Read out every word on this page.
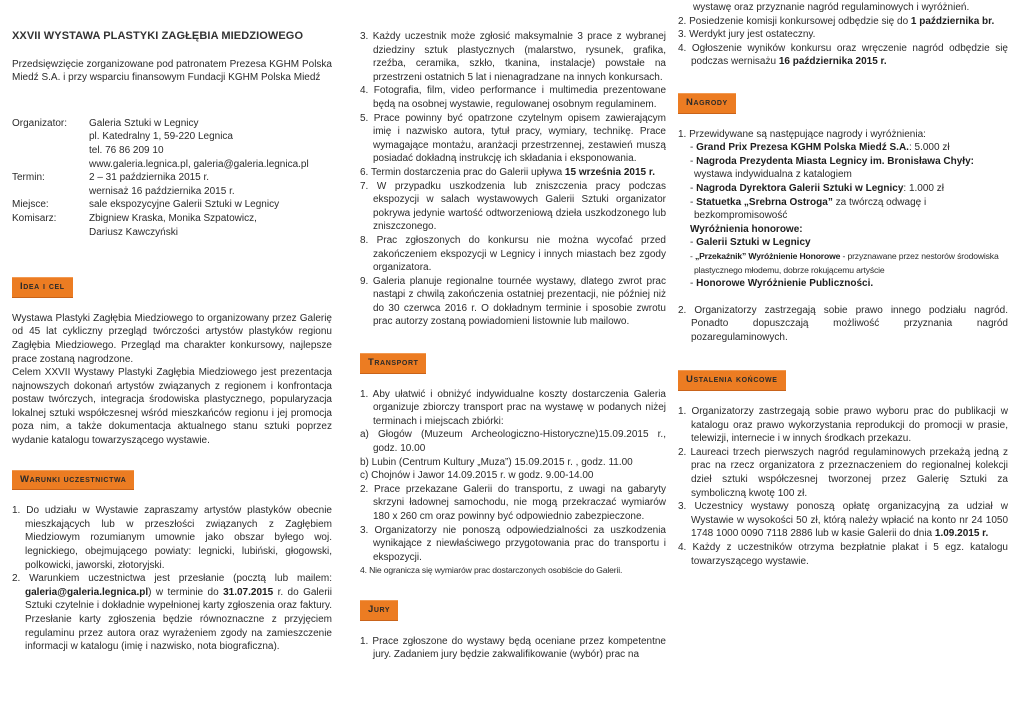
XXVII WYSTAWA PLASTYKI ZAGŁĘBIA MIEDZIOWEGO

Przedsięwzięcie zorganizowane pod patronatem Prezesa KGHM Polska Miedź S.A. i przy wsparciu finansowym Fundacji KGHM Polska Miedź

Organizator:	Galeria Sztuki w Legnicy
pl. Katedralny 1, 59-220 Legnica
tel. 76 86 209 10
www.galeria.legnica.pl, galeria@galeria.legnica.pl
Termin:	2 – 31 października 2015 r.
wernisaż 16 października 2015 r.
Miejsce:	sale ekspozycyjne Galerii Sztuki w Legnicy
Komisarz:	Zbigniew Kraska, Monika Szpatowicz,
Dariusz Kawczyński
Idea i cel

Wystawa Plastyki Zagłębia Miedziowego to organizowany przez Galerię od 45 lat cykliczny przegląd twórczości artystów plastyków regionu Zagłębia Miedziowego. Przegląd ma charakter konkursowy, najlepsze prace zostaną nagrodzone.

Celem XXVII Wystawy Plastyki Zagłębia Miedziowego jest prezentacja najnowszych dokonań artystów związanych z regionem i konfrontacja postaw twórczych, integracja środowiska plastycznego, popularyzacja lokalnej sztuki współczesnej wśród mieszkańców regionu i jej promocja poza nim, a także dokumentacja aktualnego stanu sztuki poprzez wydanie katalogu towarzyszącego wystawie.

Warunki uczestnictwa
1. Do udziału w Wystawie zapraszamy artystów plastyków obecnie mieszkających lub w przeszłości związanych z Zagłębiem Miedziowym rozumianym umownie jako obszar byłego woj. legnickiego, obejmującego powiaty: legnicki, lubiński, głogowski, polkowicki, jaworski, złotoryjski.
2. Warunkiem uczestnictwa jest przesłanie (pocztą lub mailem: galeria@galeria.legnica.pl) w terminie do 31.07.2015 r. do Galerii Sztuki czytelnie i dokładnie wypełnionej karty zgłoszenia oraz faktury. Przesłanie karty zgłoszenia będzie równoznaczne z przyjęciem regulaminu przez autora oraz wyrażeniem zgody na zamieszczenie informacji w katalogu (imię i nazwisko, nota biograficzna).
3. Każdy uczestnik może zgłosić maksymalnie 3 prace z wybranej dziedziny sztuk plastycznych (malarstwo, rysunek, grafika, rzeźba, ceramika, szkło, tkanina, instalacje) powstałe na przestrzeni ostatnich 5 lat i nienagradzane na innych konkursach.
4. Fotografia, film, video performance i multimedia prezentowane będą na osobnej wystawie, regulowanej osobnym regulaminem.
5. Prace powinny być opatrzone czytelnym opisem zawierającym imię i nazwisko autora, tytuł pracy, wymiary, technikę. Prace wymagające montażu, aranżacji przestrzennej, zestawień muszą posiadać dokładną instrukcję ich składania i eksponowania.
6. Termin dostarczenia prac do Galerii upływa 15 września 2015 r.
7. W przypadku uszkodzenia lub zniszczenia pracy podczas ekspozycji w salach wystawowych Galerii Sztuki organizator pokrywa jedynie wartość odtworzeniową dzieła uszkodzonego lub zniszczonego.
8. Prac zgłoszonych do konkursu nie można wycofać przed zakończeniem ekspozycji w Legnicy i innych miastach bez zgody organizatora.
9. Galeria planuje regionalne tournée wystawy, dlatego zwrot prac nastąpi z chwilą zakończenia ostatniej prezentacji, nie później niż do 30 czerwca 2016 r. O dokładnym terminie i sposobie zwrotu prac autorzy zostaną powiadomieni listownie lub mailowo.
Transport
1. Aby ułatwić i obniżyć indywidualne koszty dostarczenia Galeria organizuje zbiorczy transport prac na wystawę w podanych niżej terminach i miejscach zbiórki:
a) Głogów (Muzeum Archeologiczno-Historyczne)15.09.2015 r., godz. 10.00
b) Lubin (Centrum Kultury „Muza”) 15.09.2015 r. , godz. 11.00
c) Chojnów i Jawor 14.09.2015 r. w godz. 9.00-14.00
2. Prace przekazane Galerii do transportu, z uwagi na gabaryty skrzyni ładownej samochodu, nie mogą przekraczać wymiarów 180 x 260 cm oraz powinny być odpowiednio zabezpieczone.
3. Organizatorzy nie ponoszą odpowiedzialności za uszkodzenia wynikające z niewłaściwego przygotowania prac do transportu i ekspozycji.
4. Nie ogranicza się wymiarów prac dostarczonych osobiście do Galerii.
Jury
1. Prace zgłoszone do wystawy będą oceniane przez kompetentne jury. Zadaniem jury będzie zakwalifikowanie (wybór) prac na
wystawę oraz przyznanie nagród regulaminowych i wyróżnień.
2. Posiedzenie komisji konkursowej odbędzie się do 1 października br.
3. Werdykt jury jest ostateczny.
4. Ogłoszenie wyników konkursu oraz wręczenie nagród odbędzie się podczas wernisażu 16 października 2015 r.
Nagrody

1. Przewidywane są następujące nagrody i wyróżnienia:

- Grand Prix Prezesa KGHM Polska Miedź S.A.: 5.000 zł

- Nagroda Prezydenta Miasta Legnicy im. Bronisława Chyły: wystawa indywidualna z katalogiem

- Nagroda Dyrektora Galerii Sztuki w Legnicy: 1.000 zł

- Statuetka „Srebrna Ostroga” za twórczą odwagę i bezkompromisowość

Wyróżnienia honorowe:

- Galerii Sztuki w Legnicy

- „Przekaźnik” Wyróżnienie Honorowe - przyznawane przez nestorów środowiska plastycznego młodemu, dobrze rokującemu artyście

- Honorowe Wyróżnienie Publiczności.

2. Organizatorzy zastrzegają sobie prawo innego podziału nagród. Ponadto dopuszczają możliwość przyznania nagród pozaregulaminowych.

Ustalenia końcowe
1. Organizatorzy zastrzegają sobie prawo wyboru prac do publikacji w katalogu oraz prawo wykorzystania reprodukcji do promocji w prasie, telewizji, internecie i w innych środkach przekazu.
2. Laureaci trzech pierwszych nagród regulaminowych przekażą jedną z prac na rzecz organizatora z przeznaczeniem do regionalnej kolekcji dzieł sztuki współczesnej tworzonej przez Galerię Sztuki za symboliczną kwotę 100 zł.
3. Uczestnicy wystawy ponoszą opłatę organizacyjną za udział w Wystawie w wysokości 50 zł, którą należy wpłacić na konto nr 24 1050 1748 1000 0090 7118 2886 lub w kasie Galerii do dnia 1.09.2015 r.
4. Każdy z uczestników otrzyma bezpłatnie plakat i 5 egz. katalogu towarzyszącego wystawie.
